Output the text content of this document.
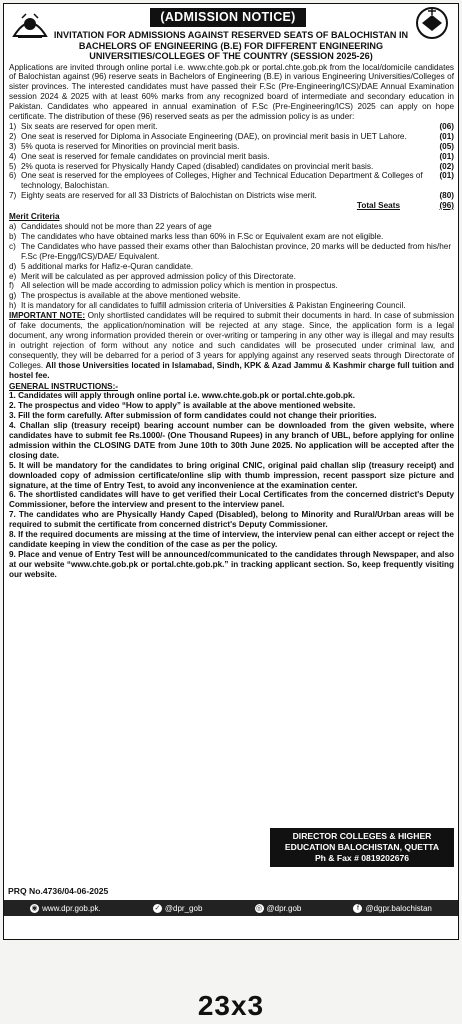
(ADMISSION NOTICE)
INVITATION FOR ADMISSIONS AGAINST RESERVED SEATS OF BALOCHISTAN IN BACHELORS OF ENGINEERING (B.E) FOR DIFFERENT ENGINEERING UNIVERSITIES/COLLEGES OF THE COUNTRY (SESSION 2025-26)

Applications are invited through online portal i.e. www.chte.gob.pk or portal.chte.gob.pk from the local/domicile candidates of Balochistan against (96) reserve seats in Bachelors of Engineering (B.E) in various Engineering Universities/Colleges of sister provinces. The interested candidates must have passed their F.Sc (Pre-Engineering/ICS)/DAE Annual Examination session 2024 & 2025 with at least 60% marks from any recognized board of intermediate and secondary education in Pakistan. Candidates who appeared in annual examination of F.Sc (Pre-Engineering/ICS) 2025 can apply on hope certificate. The distribution of these (96) reserved seats as per the admission policy is as under:

1) Six seats are reserved for open merit.	(06)
2) One seat is reserved for Diploma in Associate Engineering (DAE), on provincial merit basis in UET Lahore.	(01)
3) 5% quota is reserved for Minorities on provincial merit basis.	(05)
4) One seat is reserved for female candidates on provincial merit basis.	(01)
5) 2% quota is reserved for Physically Handy Caped (disabled) candidates on provincial merit basis.	(02)
6) One seat is reserved for the employees of Colleges, Higher and Technical Education Department & Colleges of technology, Balochistan.
(01)
7) Eighty seats are reserved for all 33 Districts of Balochistan on Districts wise merit.	(80)
Total Seats	(96)
Merit Criteria
a) Candidates should not be more than 22 years of age
b) The candidates who have obtained marks less than 60% in F.Sc or Equivalent exam are not eligible.
c) The Candidates who have passed their exams other than Balochistan province, 20 marks will be deducted from his/her F.Sc (Pre-Engg/ICS)/DAE/ Equivalent.
d) 5 additional marks for Hafiz-e-Quran candidate.
e) Merit will be calculated as per approved admission policy of this Directorate.
f) All selection will be made according to admission policy which is mention in prospectus.
g) The prospectus is available at the above mentioned website.
h) It is mandatory for all candidates to fulfill admission criteria of Universities & Pakistan Engineering Council.

IMPORTANT NOTE: Only shortlisted candidates will be required to submit their documents in hard. In case of submission of fake documents, the application/nomination will be rejected at any stage. Since, the application form is a legal document, any wrong information provided therein or over-writing or tampering in any other way is illegal and may results in outright rejection of form without any notice and such candidates will be prosecuted under criminal law, and consequently, they will be debarred for a period of 3 years for applying against any reserved seats through Directorate of Colleges. All those Universities located in Islamabad, Sindh, KPK & Azad Jammu & Kashmir charge full tuition and hostel fee.

GENERAL INSTRUCTIONS:-

1. Candidates will apply through online portal i.e. www.chte.gob.pk or portal.chte.gob.pk.

2. The prospectus and video “How to apply” is available at the above mentioned website.

3. Fill the form carefully. After submission of form candidates could not change their priorities.

4. Challan slip (treasury receipt) bearing account number can be downloaded from the given website, where candidates have to submit fee Rs.1000/- (One Thousand Rupees) in any branch of UBL, before applying for online admission within the CLOSING DATE from June 10th to 30th June 2025. No application will be accepted after the closing date.

5. It will be mandatory for the candidates to bring original CNIC, original paid challan slip (treasury receipt) and downloaded copy of admission certificate/online slip with thumb impression, recent passport size picture and signature, at the time of Entry Test, to avoid any inconvenience at the examination center.

6. The shortlisted candidates will have to get verified their Local Certificates from the concerned district's Deputy Commissioner, before the interview and present to the interview panel.

7. The candidates who are Physically Handy Caped (Disabled), belong to Minority and Rural/Urban areas will be required to submit the certificate from concerned district's Deputy Commissioner.

8. If the required documents are missing at the time of interview, the interview penal can either accept or reject the candidate keeping in view the condition of the case as per the policy.

9. Place and venue of Entry Test will be announced/communicated to the candidates through Newspaper, and also at our website “www.chte.gob.pk or portal.chte.gob.pk.” in tracking applicant section. So, keep frequently visiting our website.

DIRECTOR COLLEGES & HIGHER
EDUCATION BALOCHISTAN, QUETTA
Ph & Fax # 0819202676
PRQ No.4736/04-06-2025
◉ www.dpr.gob.pk.	✓ @dpr_gob	◎ @dpr.gob	f @dgpr.balochistan
23x3
